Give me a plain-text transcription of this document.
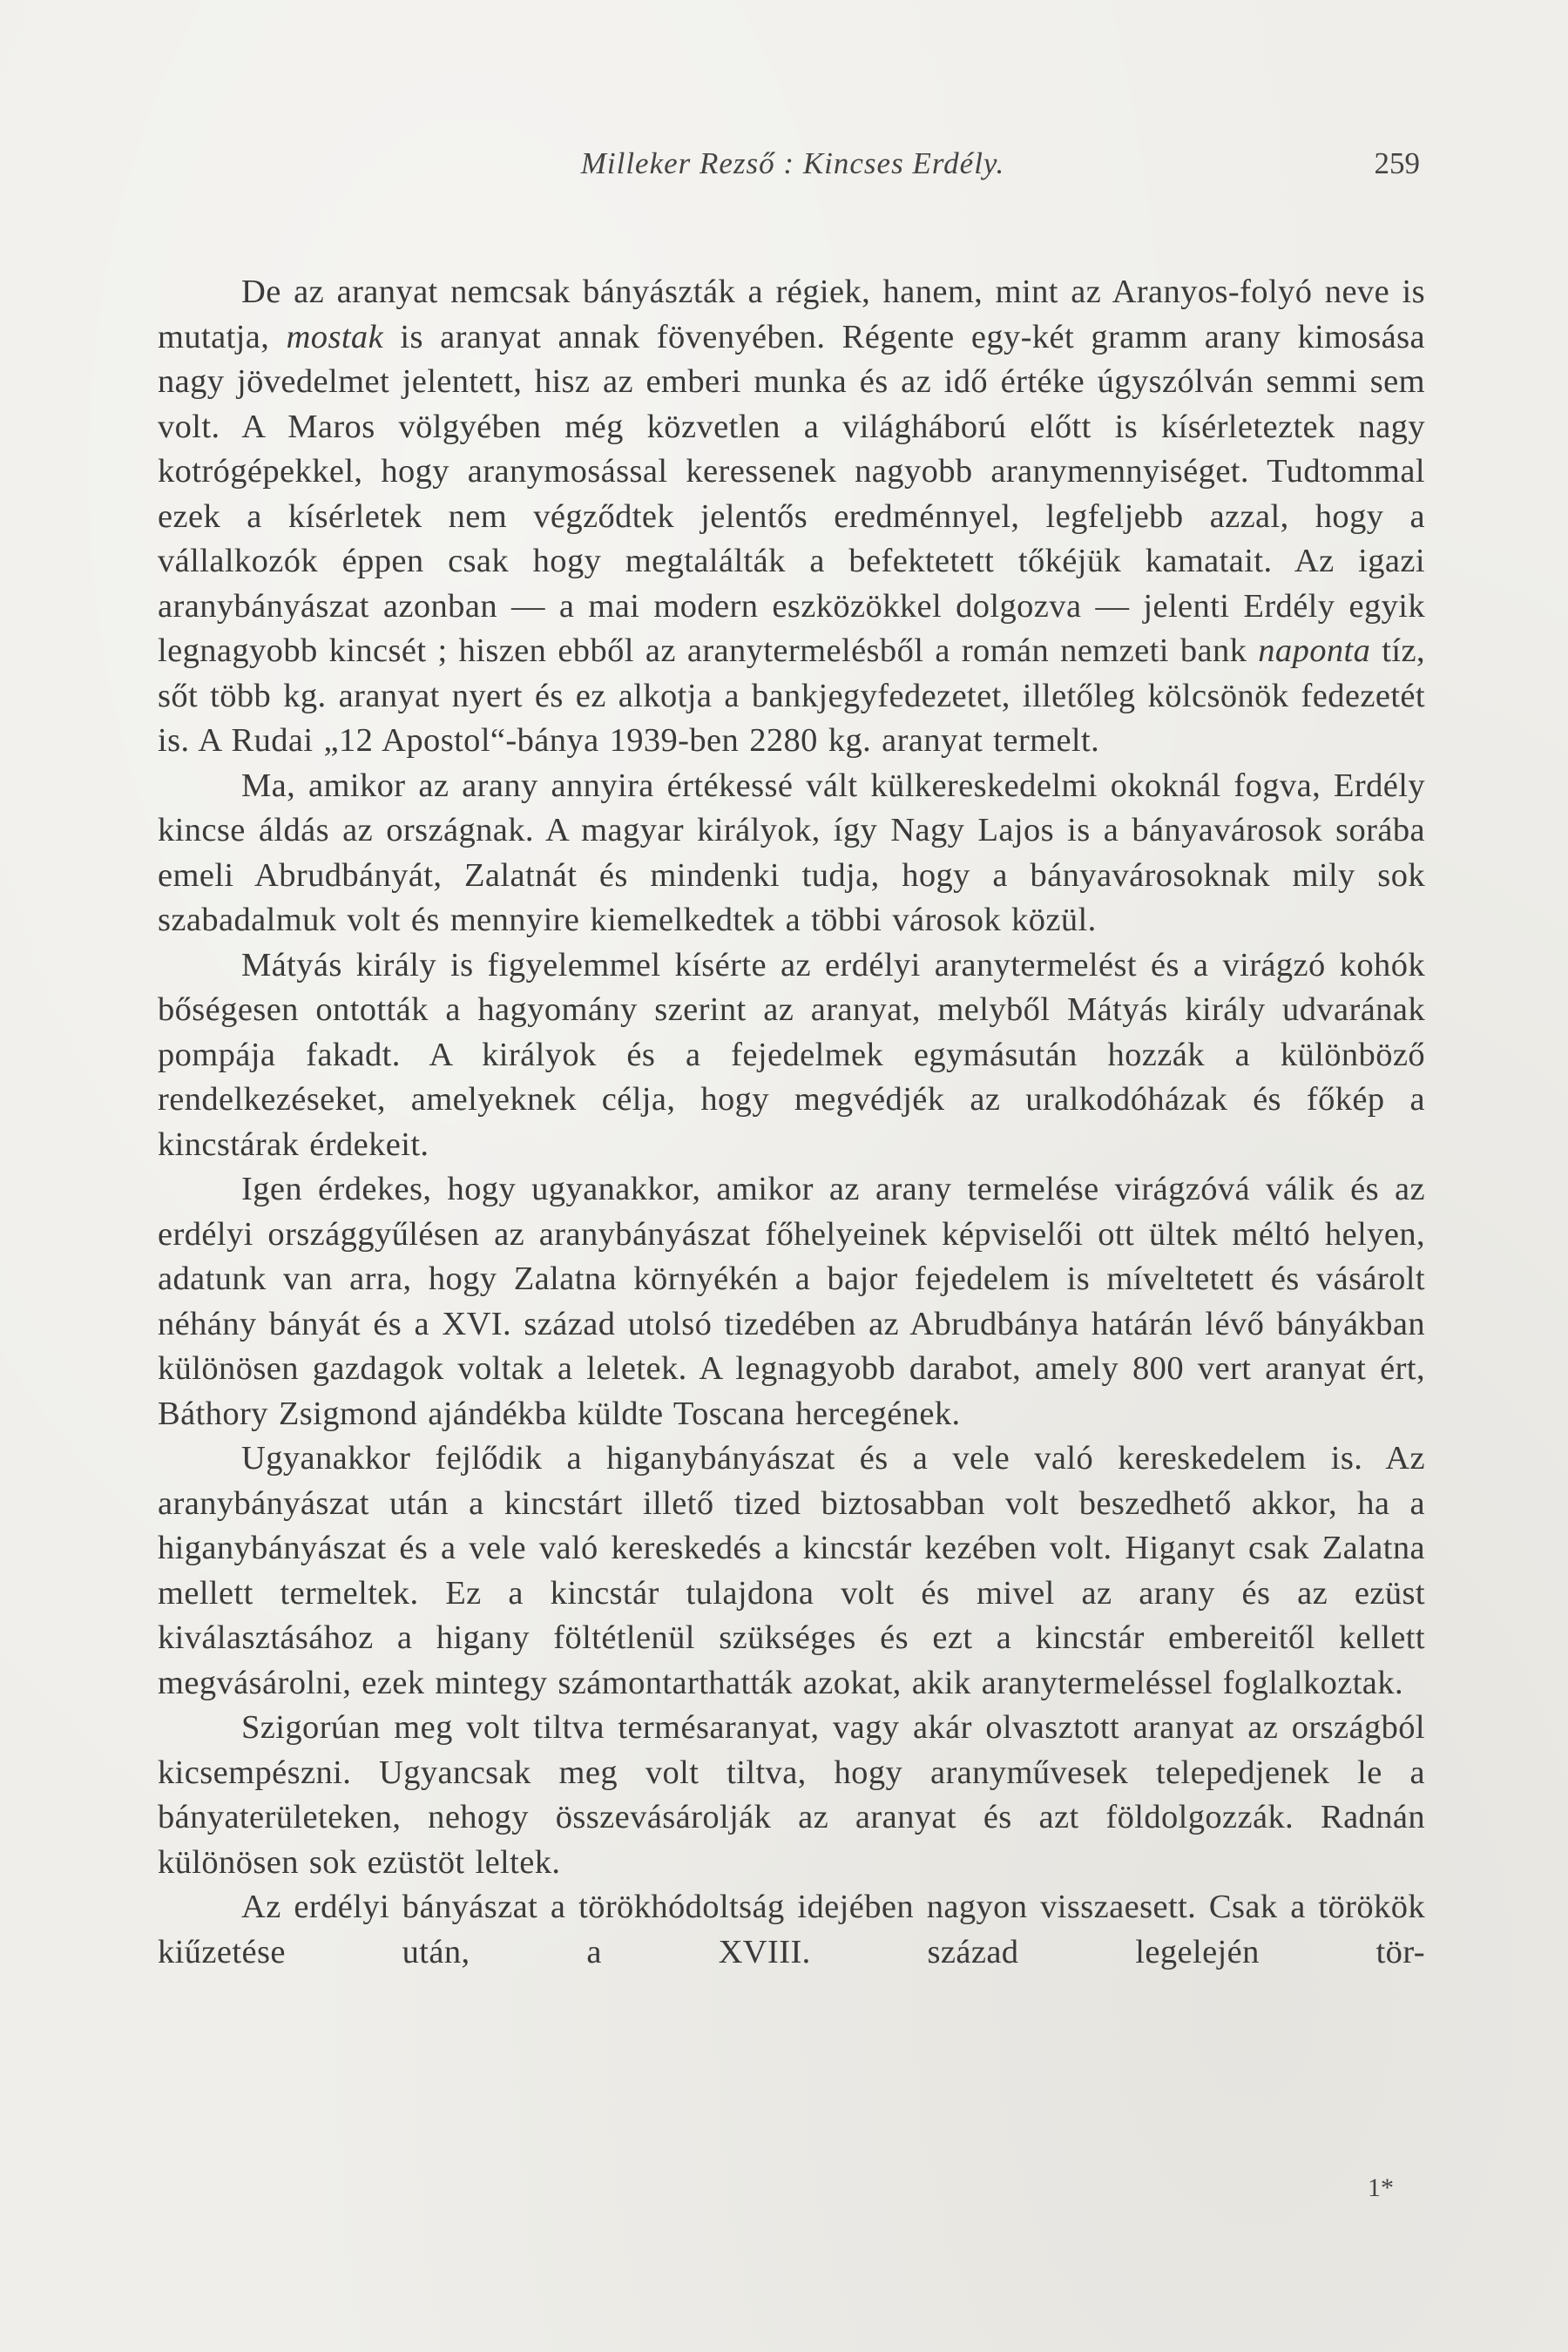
Milleker Rezső : Kincses Erdély.	259

De az aranyat nemcsak bányászták a régiek, hanem, mint az Aranyos-folyó neve is mutatja, mostak is aranyat annak fövenyében. Régente egy-két gramm arany kimosása nagy jövedelmet jelentett, hisz az emberi munka és az idő értéke úgyszólván semmi sem volt. A Maros völgyében még közvetlen a világháború előtt is kísérleteztek nagy kotrógépekkel, hogy aranymosással keressenek nagyobb aranymennyiséget. Tudtommal ezek a kísérletek nem végződtek jelentős eredménnyel, legfeljebb azzal, hogy a vállalkozók éppen csak hogy megtalálták a befektetett tőkéjük kamatait. Az igazi aranybányászat azonban — a mai modern eszközökkel dolgozva — jelenti Erdély egyik legnagyobb kincsét ; hiszen ebből az aranytermelésből a román nemzeti bank naponta tíz, sőt több kg. aranyat nyert és ez alkotja a bankjegyfedezetet, illetőleg kölcsönök fedezetét is. A Rudai „12 Apostol“-bánya 1939-ben 2280 kg. aranyat termelt.

Ma, amikor az arany annyira értékessé vált külkereskedelmi okoknál fogva, Erdély kincse áldás az országnak. A magyar királyok, így Nagy Lajos is a bányavárosok sorába emeli Abrudbányát, Zalatnát és mindenki tudja, hogy a bányavárosoknak mily sok szabadalmuk volt és mennyire kiemelkedtek a többi városok közül.

Mátyás király is figyelemmel kísérte az erdélyi aranytermelést és a virágzó kohók bőségesen ontották a hagyomány szerint az aranyat, melyből Mátyás király udvarának pompája fakadt. A királyok és a fejedelmek egymásután hozzák a különböző rendelkezéseket, amelyeknek célja, hogy megvédjék az uralkodóházak és főkép a kincstárak érdekeit.

Igen érdekes, hogy ugyanakkor, amikor az arany termelése virágzóvá válik és az erdélyi országgyűlésen az aranybányászat főhelyeinek képviselői ott ültek méltó helyen, adatunk van arra, hogy Zalatna környékén a bajor fejedelem is míveltetett és vásárolt néhány bányát és a XVI. század utolsó tizedében az Abrudbánya határán lévő bányákban különösen gazdagok voltak a leletek. A legnagyobb darabot, amely 800 vert aranyat ért, Báthory Zsigmond ajándékba küldte Toscana hercegének.

Ugyanakkor fejlődik a higanybányászat és a vele való kereskedelem is. Az aranybányászat után a kincstárt illető tized biztosabban volt beszedhető akkor, ha a higanybányászat és a vele való kereskedés a kincstár kezében volt. Higanyt csak Zalatna mellett termeltek. Ez a kincstár tulajdona volt és mivel az arany és az ezüst kiválasztásához a higany föltétlenül szükséges és ezt a kincstár embereitől kellett megvásárolni, ezek mintegy számontarthatták azokat, akik aranytermeléssel foglalkoztak.

Szigorúan meg volt tiltva termésaranyat, vagy akár olvasztott aranyat az országból kicsempészni. Ugyancsak meg volt tiltva, hogy aranyművesek telepedjenek le a bányaterületeken, nehogy összevásárolják az aranyat és azt földolgozzák. Radnán különösen sok ezüstöt leltek.

Az erdélyi bányászat a törökhódoltság idejében nagyon visszaesett. Csak a törökök kiűzetése után, a XVIII. század legelején tör-

1*
